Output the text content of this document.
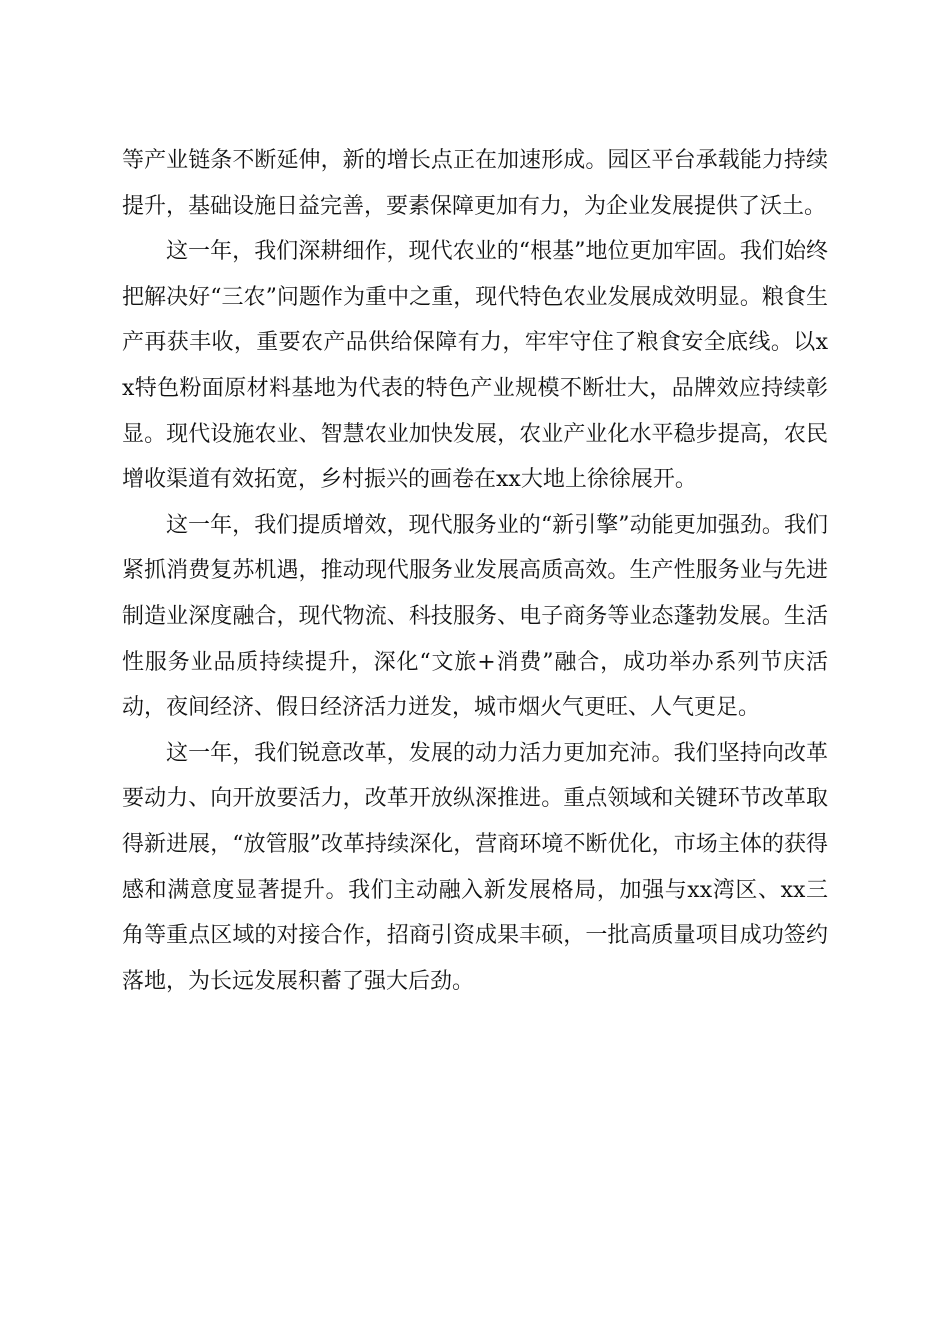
等产业链条不断延伸，新的增长点正在加速形成。园区平台承载能力持续提升，基础设施日益完善，要素保障更加有力，为企业发展提供了沃土。

这一年，我们深耕细作，现代农业的“根基”地位更加牢固。我们始终把解决好“三农”问题作为重中之重，现代特色农业发展成效明显。粮食生产再获丰收，重要农产品供给保障有力，牢牢守住了粮食安全底线。以xx特色粉面原材料基地为代表的特色产业规模不断壮大，品牌效应持续彰显。现代设施农业、智慧农业加快发展，农业产业化水平稳步提高，农民增收渠道有效拓宽，乡村振兴的画卷在xx大地上徐徐展开。

这一年，我们提质增效，现代服务业的“新引擎”动能更加强劲。我们紧抓消费复苏机遇，推动现代服务业发展高质高效。生产性服务业与先进制造业深度融合，现代物流、科技服务、电子商务等业态蓬勃发展。生活性服务业品质持续提升，深化“文旅+消费”融合，成功举办系列节庆活动，夜间经济、假日经济活力迸发，城市烟火气更旺、人气更足。

这一年，我们锐意改革，发展的动力活力更加充沛。我们坚持向改革要动力、向开放要活力，改革开放纵深推进。重点领域和关键环节改革取得新进展，“放管服”改革持续深化，营商环境不断优化，市场主体的获得感和满意度显著提升。我们主动融入新发展格局，加强与xx湾区、xx三角等重点区域的对接合作，招商引资成果丰硕，一批高质量项目成功签约落地，为长远发展积蓄了强大后劲。
